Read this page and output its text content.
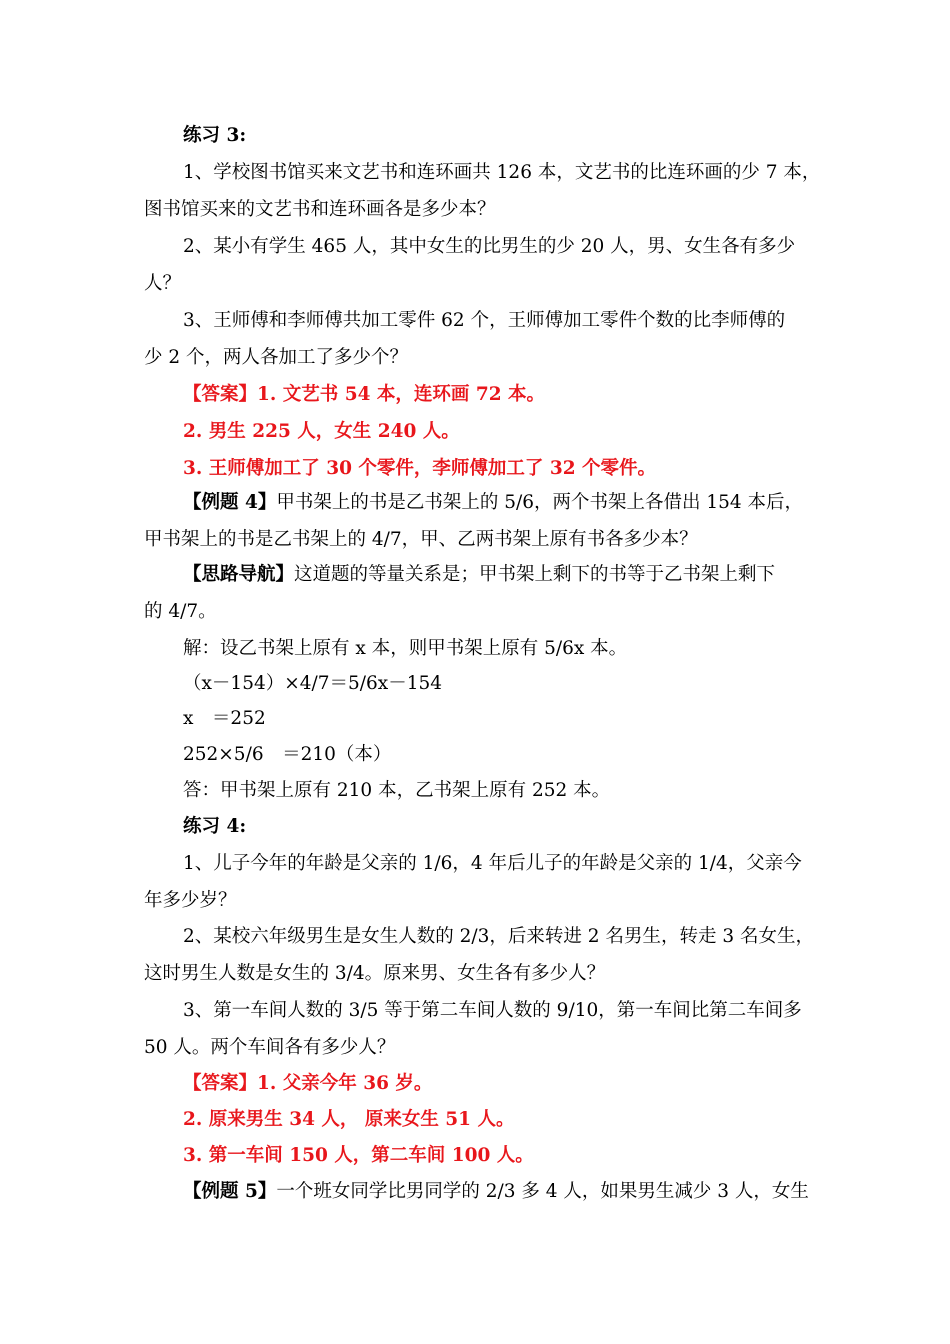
练习 3:
1、学校图书馆买来文艺书和连环画共 126 本，文艺书的比连环画的少 7 本，
图书馆买来的文艺书和连环画各是多少本？
2、某小有学生 465 人，其中女生的比男生的少 20 人，男、女生各有多少
人？
3、王师傅和李师傅共加工零件 62 个，王师傅加工零件个数的比李师傅的
少 2 个，两人各加工了多少个？
【答案】1. 文艺书 54 本，连环画 72 本。
2. 男生 225 人，女生 240 人。
3. 王师傅加工了 30 个零件，李师傅加工了 32 个零件。
【例题 4】甲书架上的书是乙书架上的 5/6，两个书架上各借出 154 本后，
甲书架上的书是乙书架上的 4/7，甲、乙两书架上原有书各多少本？
【思路导航】这道题的等量关系是；甲书架上剩下的书等于乙书架上剩下
的 4/7。
解：设乙书架上原有 x 本，则甲书架上原有 5/6x 本。
（x－154）×4/7＝5/6x－154
x　＝252
252×5/6　＝210（本）
答：甲书架上原有 210 本，乙书架上原有 252 本。
练习 4:
1、儿子今年的年龄是父亲的 1/6，4 年后儿子的年龄是父亲的 1/4，父亲今
年多少岁？
2、某校六年级男生是女生人数的 2/3，后来转进 2 名男生，转走 3 名女生，
这时男生人数是女生的 3/4。原来男、女生各有多少人？
3、第一车间人数的 3/5 等于第二车间人数的 9/10，第一车间比第二车间多
50 人。两个车间各有多少人？
【答案】1. 父亲今年 36 岁。
2. 原来男生 34 人， 原来女生 51 人。
3. 第一车间 150 人，第二车间 100 人。
【例题 5】一个班女同学比男同学的 2/3 多 4 人，如果男生减少 3 人，女生
